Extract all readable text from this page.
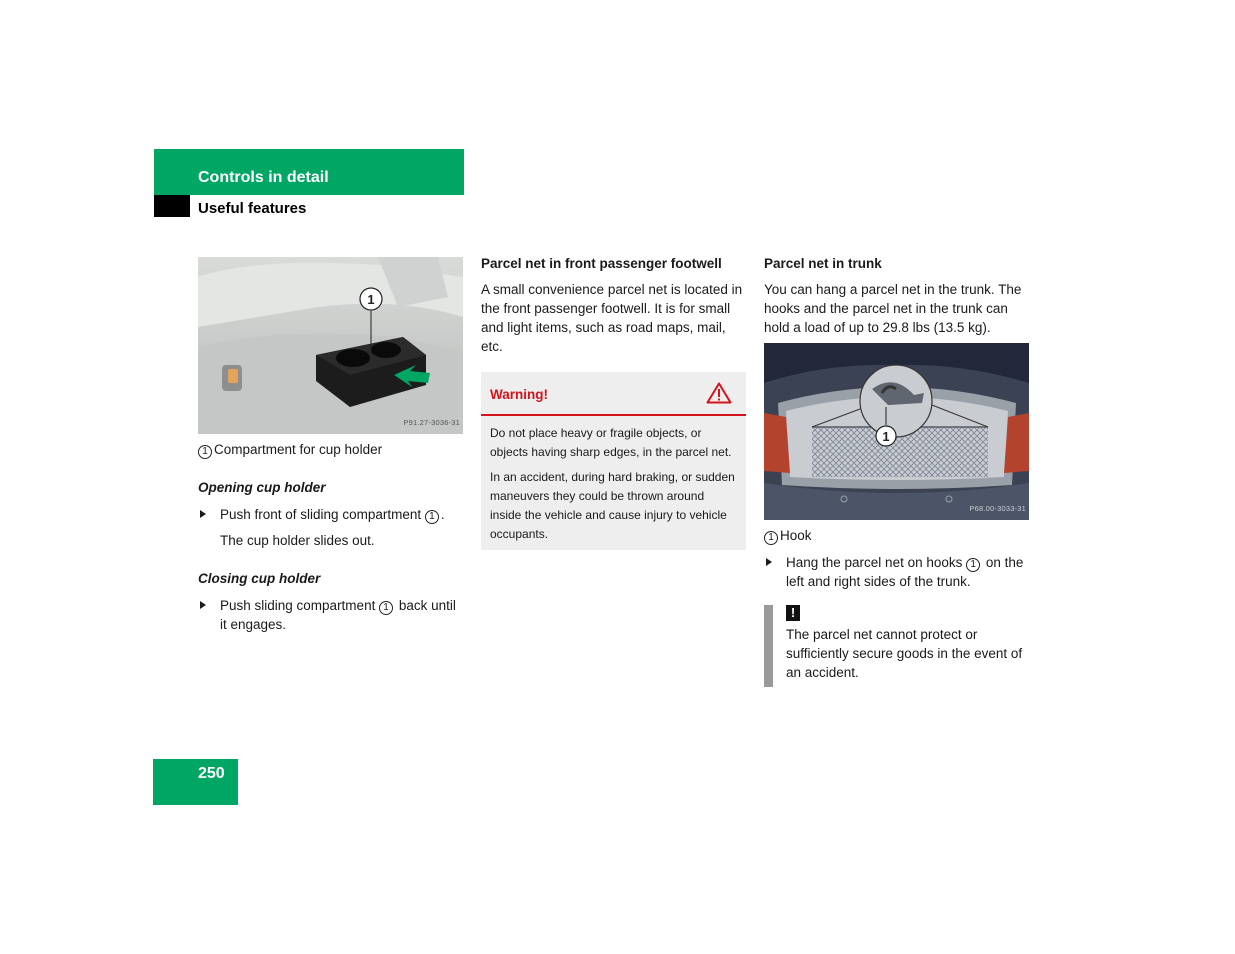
Controls in detail
Useful features
1
P91.27-3036-31
1 Compartment for cup holder
Opening cup holder
Push front of sliding compartment 1 .
The cup holder slides out.
Closing cup holder
Push sliding compartment 1 back until it engages.
Parcel net in front passenger footwell
A small convenience parcel net is located in the front passenger footwell. It is for small and light items, such as road maps, mail, etc.
Warning!

Do not place heavy or fragile objects, or objects having sharp edges, in the parcel net.

In an accident, during hard braking, or sudden maneuvers they could be thrown around inside the vehicle and cause injury to vehicle occupants.

Parcel net in trunk
You can hang a parcel net in the trunk. The hooks and the parcel net in the trunk can hold a load of up to 29.8 lbs (13.5 kg).
1
P68.00-3033-31
1 Hook
Hang the parcel net on hooks 1 on the left and right sides of the trunk.
!
The parcel net cannot protect or sufficiently secure goods in the event of an accident.
250
